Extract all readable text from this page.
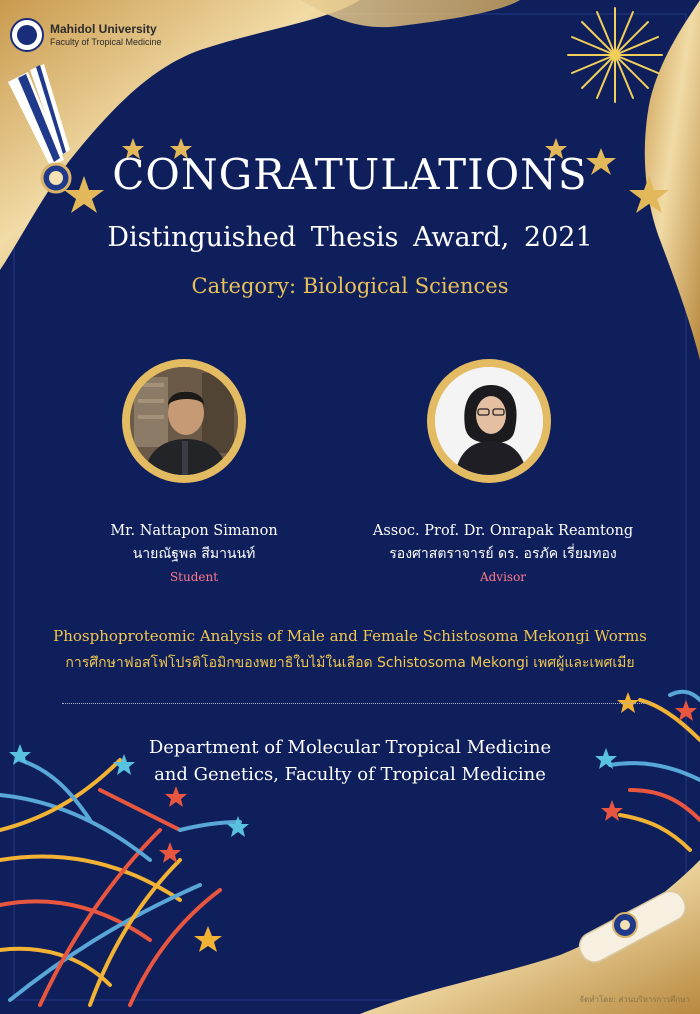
Mahidol University
Faculty of Tropical Medicine
CONGRATULATIONS
Distinguished Thesis Award, 2021
Category: Biological Sciences
Mr. Nattapon Simanon
นายณัฐพล สีมานนท์
Student
Assoc. Prof. Dr. Onrapak Reamtong
รองศาสตราจารย์ ดร. อรภัค เรี่ยมทอง
Advisor
Phosphoproteomic Analysis of Male and Female Schistosoma Mekongi Worms
การศึกษาฟอสโฟโปรติโอมิกของพยาธิใบไม้ในเลือด Schistosoma Mekongi เพศผู้และเพศเมีย
Department of Molecular Tropical Medicine
and Genetics, Faculty of Tropical Medicine
จัดทำโดย: ส่วนบริหารการศึกษา
